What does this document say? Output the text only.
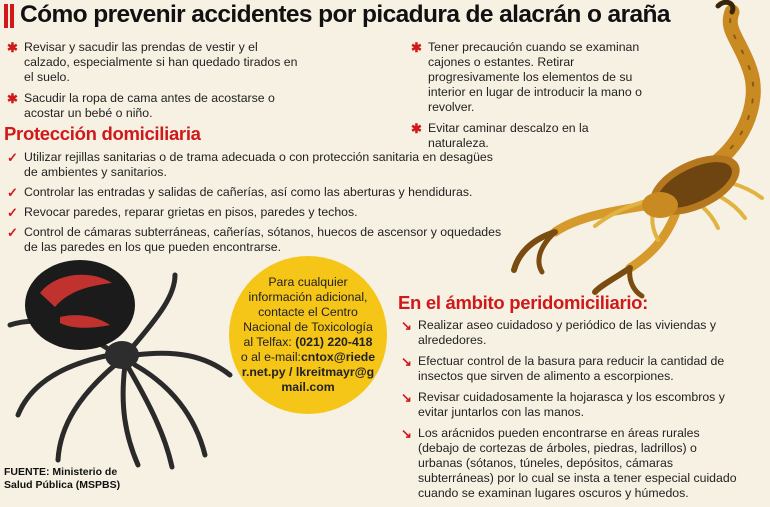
Cómo prevenir accidentes por picadura de alacrán o araña
✱ Revisar y sacudir las prendas de vestir y el calzado, especialmente si han quedado tirados en el suelo.
✱ Sacudir la ropa de cama antes de acostarse o acostar un bebé o niño.
✱ Tener precaución cuando se examinan cajones o estantes. Retirar progresivamente los elementos de su interior en lugar de introducir la mano o revolver.
✱ Evitar caminar descalzo en la naturaleza.
Protección domiciliaria
✓ Utilizar rejillas sanitarias o de trama adecuada o con protección sanitaria en desagües de ambientes y sanitarios.
✓ Controlar las entradas y salidas de cañerías, así como las aberturas y hendiduras.
✓ Revocar paredes, reparar grietas en pisos, paredes y techos.
✓ Control de cámaras subterráneas, cañerías, sótanos, huecos de ascensor y oquedades de las paredes en los que pueden encontrarse.
Para cualquier información adicional, contacte el Centro Nacional de Toxicología al Telfax: (021) 220-418 o al e-mail:cntox@rieder.net.py / lkreitmayr@gmail.com
En el ámbito peridomiciliario:
↘ Realizar aseo cuidadoso y periódico de las viviendas y alrededores.
↘ Efectuar control de la basura para reducir la cantidad de insectos que sirven de alimento a escorpiones.
↘ Revisar cuidadosamente la hojarasca y los escombros y evitar juntarlos con las manos.
↘ Los arácnidos pueden encontrarse en áreas rurales (debajo de cortezas de árboles, piedras, ladrillos) o urbanas (sótanos, túneles, depósitos, cámaras subterráneas) por lo cual se insta a tener especial cuidado cuando se examinan lugares oscuros y húmedos.
FUENTE: Ministerio de
Salud Pública (MSPBS)
